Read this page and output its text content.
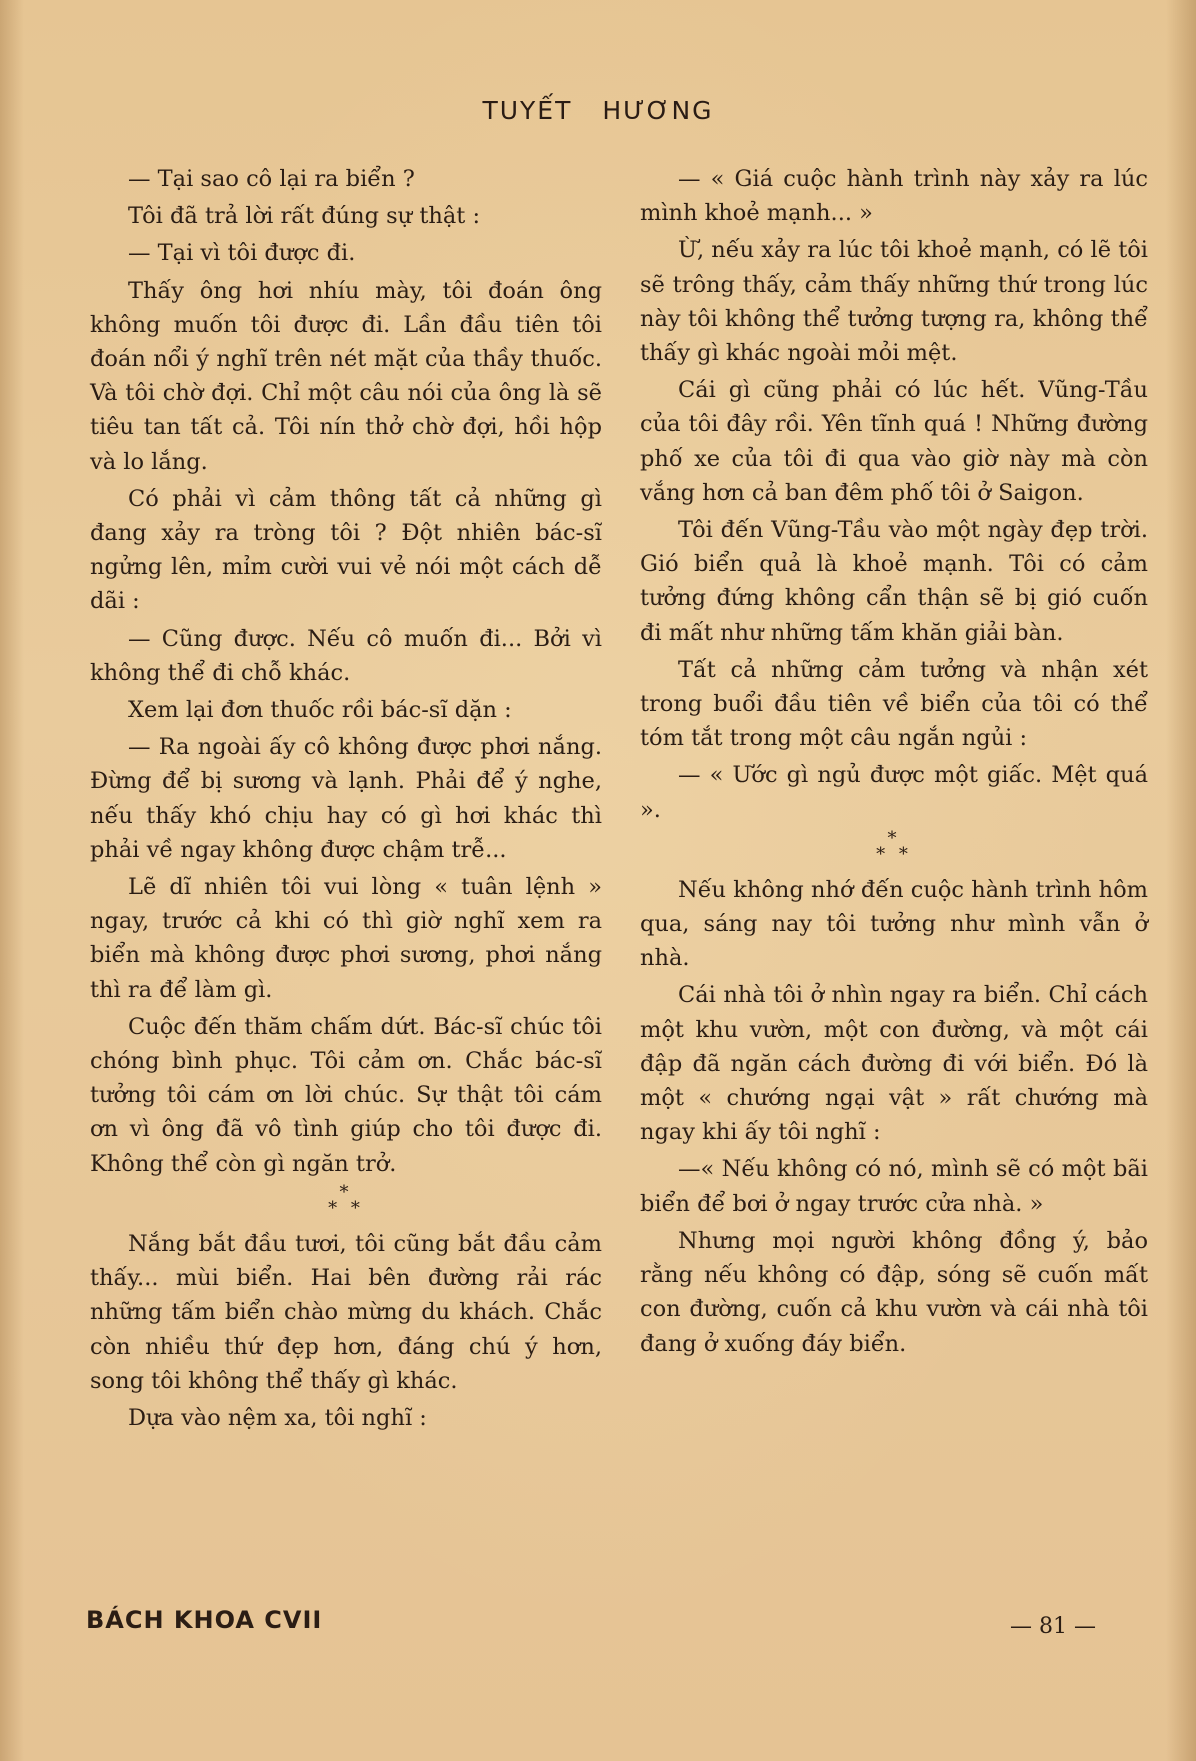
TUYẾT HƯƠNG

— Tại sao cô lại ra biển ?

Tôi đã trả lời rất đúng sự thật :

— Tại vì tôi được đi.

Thấy ông hơi nhíu mày, tôi đoán ông không muốn tôi được đi. Lần đầu tiên tôi đoán nổi ý nghĩ trên nét mặt của thầy thuốc. Và tôi chờ đợi. Chỉ một câu nói của ông là sẽ tiêu tan tất cả. Tôi nín thở chờ đợi, hồi hộp và lo lắng.

Có phải vì cảm thông tất cả những gì đang xảy ra tròng tôi ? Đột nhiên bác-sĩ ngửng lên, mỉm cười vui vẻ nói một cách dễ dãi :

— Cũng được. Nếu cô muốn đi... Bởi vì không thể đi chỗ khác.

Xem lại đơn thuốc rồi bác-sĩ dặn :

— Ra ngoài ấy cô không được phơi nắng. Đừng để bị sương và lạnh. Phải để ý nghe, nếu thấy khó chịu hay có gì hơi khác thì phải về ngay không được chậm trễ...

Lẽ dĩ nhiên tôi vui lòng « tuân lệnh » ngay, trước cả khi có thì giờ nghĩ xem ra biển mà không được phơi sương, phơi nắng thì ra để làm gì.

Cuộc đến thăm chấm dứt. Bác-sĩ chúc tôi chóng bình phục. Tôi cảm ơn. Chắc bác-sĩ tưởng tôi cám ơn lời chúc. Sự thật tôi cám ơn vì ông đã vô tình giúp cho tôi được đi. Không thể còn gì ngăn trở.

*
* *

Nắng bắt đầu tươi, tôi cũng bắt đầu cảm thấy... mùi biển. Hai bên đường rải rác những tấm biển chào mừng du khách. Chắc còn nhiều thứ đẹp hơn, đáng chú ý hơn, song tôi không thể thấy gì khác.

Dựa vào nệm xa, tôi nghĩ :

— « Giá cuộc hành trình này xảy ra lúc mình khoẻ mạnh... »

Ừ, nếu xảy ra lúc tôi khoẻ mạnh, có lẽ tôi sẽ trông thấy, cảm thấy những thứ trong lúc này tôi không thể tưởng tượng ra, không thể thấy gì khác ngoài mỏi mệt.

Cái gì cũng phải có lúc hết. Vũng-Tầu của tôi đây rồi. Yên tĩnh quá ! Những đường phố xe của tôi đi qua vào giờ này mà còn vắng hơn cả ban đêm phố tôi ở Saigon.

Tôi đến Vũng-Tầu vào một ngày đẹp trời. Gió biển quả là khoẻ mạnh. Tôi có cảm tưởng đứng không cẩn thận sẽ bị gió cuốn đi mất như những tấm khăn giải bàn.

Tất cả những cảm tưởng và nhận xét trong buổi đầu tiên về biển của tôi có thể tóm tắt trong một câu ngắn ngủi :

— « Ước gì ngủ được một giấc. Mệt quá ».

*
* *

Nếu không nhớ đến cuộc hành trình hôm qua, sáng nay tôi tưởng như mình vẫn ở nhà.

Cái nhà tôi ở nhìn ngay ra biển. Chỉ cách một khu vườn, một con đường, và một cái đập đã ngăn cách đường đi với biển. Đó là một « chướng ngại vật » rất chướng mà ngay khi ấy tôi nghĩ :

—« Nếu không có nó, mình sẽ có một bãi biển để bơi ở ngay trước cửa nhà. »

Nhưng mọi người không đồng ý, bảo rằng nếu không có đập, sóng sẽ cuốn mất con đường, cuốn cả khu vườn và cái nhà tôi đang ở xuống đáy biển.

BÁCH KHOA CVII	— 81 —
